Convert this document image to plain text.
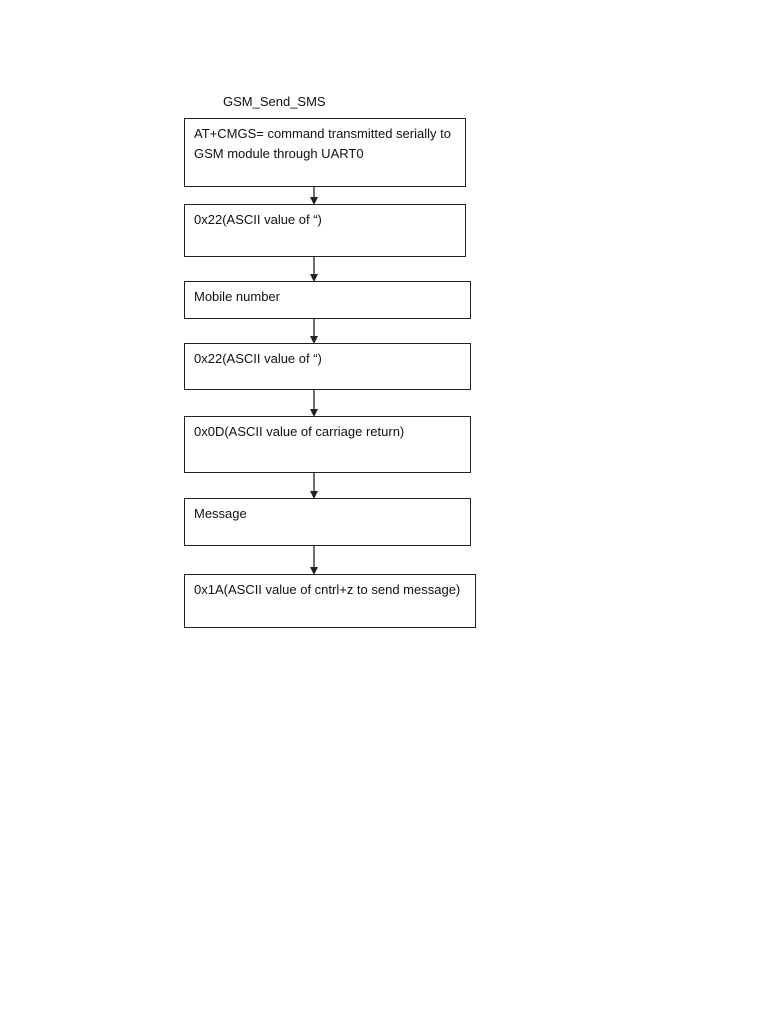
GSM_Send_SMS
AT+CMGS= command transmitted serially to
GSM module through UART0
0x22(ASCII value of “)
Mobile number
0x22(ASCII value of “)
0x0D(ASCII value of carriage return)
Message
0x1A(ASCII value of cntrl+z to send message)
